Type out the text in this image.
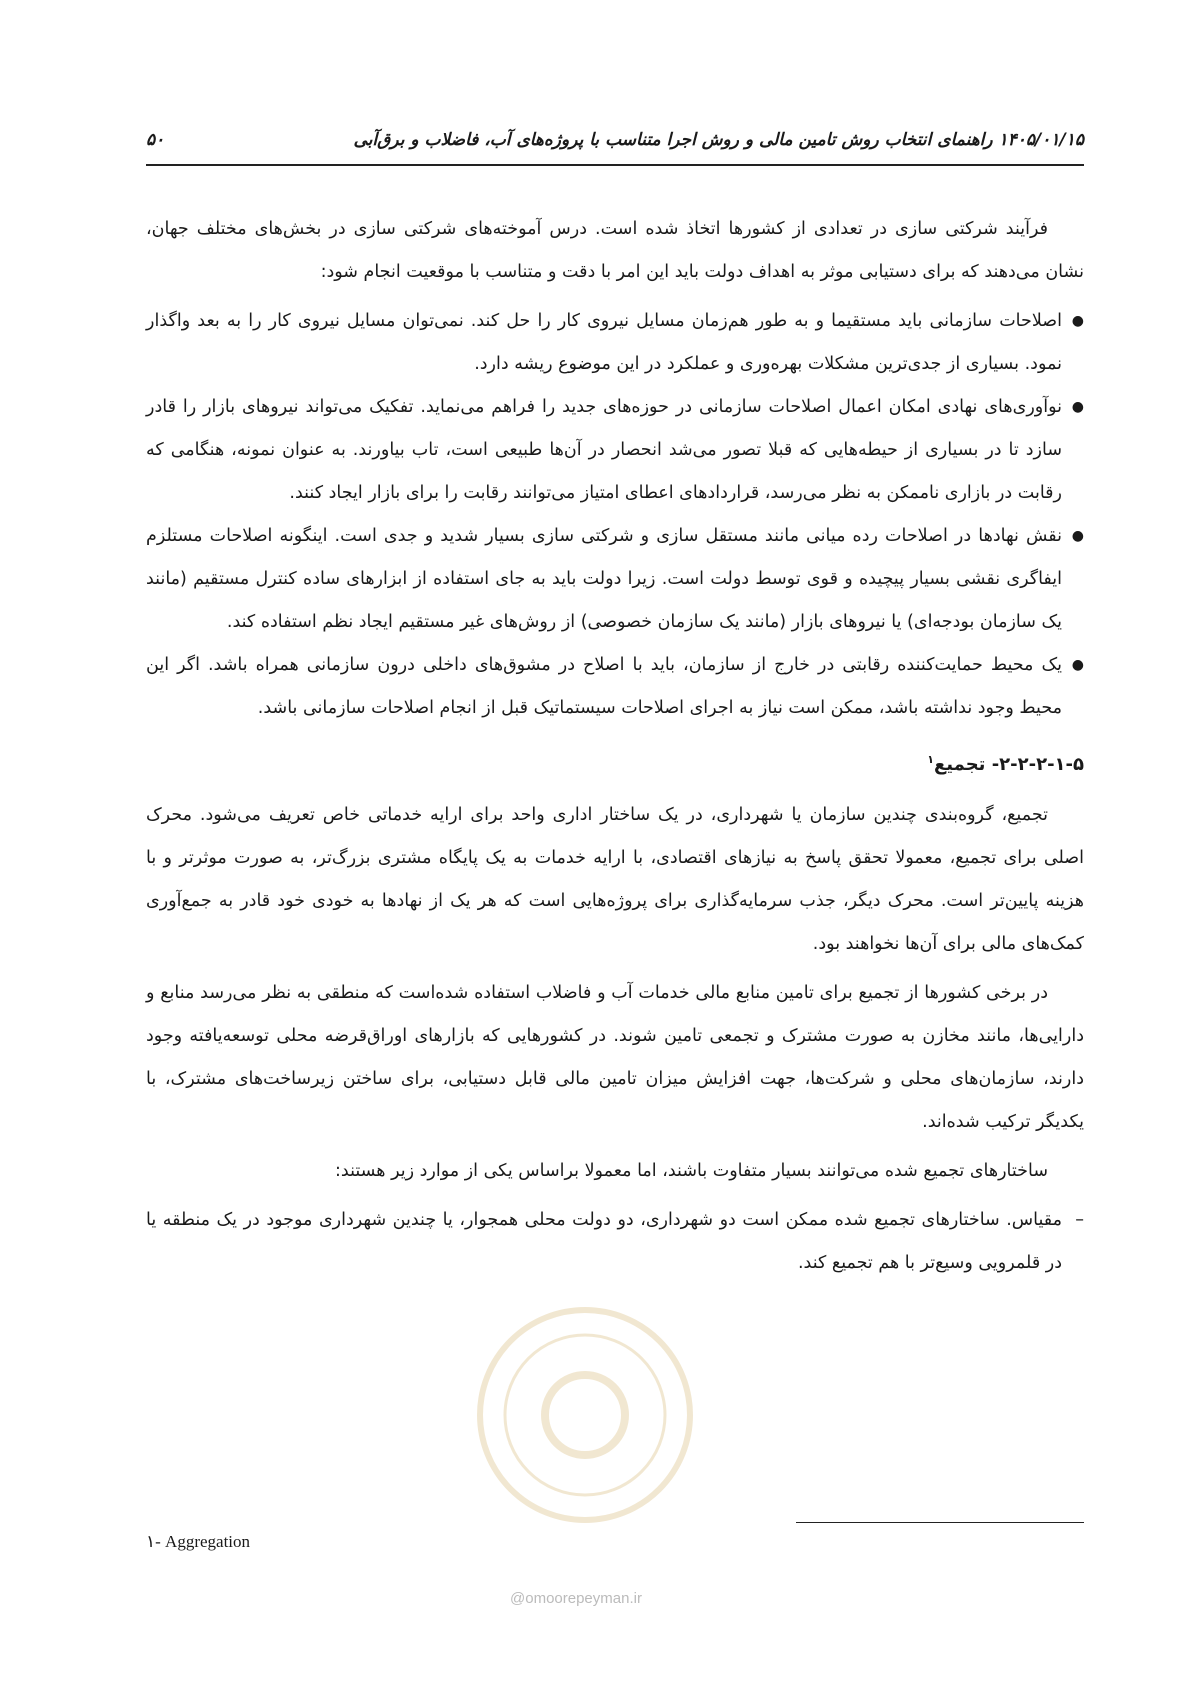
۱۴۰۵/۰۱/۱۵ راهنمای انتخاب روش تامین مالی و روش اجرا متناسب با پروژه‌های آب، فاضلاب و برق‌آبی
۵۰

فرآیند شرکتی سازی در تعدادی از کشورها اتخاذ شده است. درس آموخته‌های شرکتی سازی در بخش‌های مختلف جهان، نشان می‌دهند که برای دستیابی موثر به اهداف دولت باید این امر با دقت و متناسب با موقعیت انجام شود:

●
اصلاحات سازمانی باید مستقیما و به طور هم‌زمان مسایل نیروی کار را حل کند. نمی‌توان مسایل نیروی کار را به بعد واگذار نمود. بسیاری از جدی‌ترین مشکلات بهره‌وری و عملکرد در این موضوع ریشه دارد.
●
نوآوری‌های نهادی امکان اعمال اصلاحات سازمانی در حوزه‌های جدید را فراهم می‌نماید. تفکیک می‌تواند نیروهای بازار را قادر سازد تا در بسیاری از حیطه‌هایی که قبلا تصور می‌شد انحصار در آن‌ها طبیعی است، تاب بیاورند. به عنوان نمونه، هنگامی که رقابت در بازاری ناممکن به نظر می‌رسد، قراردادهای اعطای امتیاز می‌توانند رقابت را برای بازار ایجاد کنند.
●
نقش نهادها در اصلاحات رده میانی مانند مستقل سازی و شرکتی سازی بسیار شدید و جدی است. اینگونه اصلاحات مستلزم ایفاگری نقشی بسیار پیچیده و قوی توسط دولت است. زیرا دولت باید به جای استفاده از ابزارهای ساده کنترل مستقیم (مانند یک سازمان بودجه‌ای) یا نیروهای بازار (مانند یک سازمان خصوصی) از روش‌های غیر مستقیم ایجاد نظم استفاده کند.
●
یک محیط حمایت‌کننده رقابتی در خارج از سازمان، باید با اصلاح در مشوق‌های داخلی درون سازمانی همراه باشد. اگر این محیط وجود نداشته باشد، ممکن است نیاز به اجرای اصلاحات سیستماتیک قبل از انجام اصلاحات سازمانی باشد.
۲-۲-۲-۱-۵- تجمیع$^۱$

تجمیع، گروه‌بندی چندین سازمان یا شهرداری، در یک ساختار اداری واحد برای ارایه خدماتی خاص تعریف می‌شود. محرک اصلی برای تجمیع، معمولا تحقق پاسخ به نیازهای اقتصادی، با ارایه خدمات به یک پایگاه مشتری بزرگ‌تر، به صورت موثرتر و با هزینه پایین‌تر است. محرک دیگر، جذب سرمایه‌گذاری برای پروژه‌هایی است که هر یک از نهادها به خودی خود قادر به جمع‌آوری کمک‌های مالی برای آن‌ها نخواهند بود.

در برخی کشورها از تجمیع برای تامین منابع مالی خدمات آب و فاضلاب استفاده شده‌است که منطقی به نظر می‌رسد منابع و دارایی‌ها، مانند مخازن به صورت مشترک و تجمعی تامین شوند. در کشورهایی که بازارهای اوراق‌قرضه محلی توسعه‌یافته وجود دارند، سازمان‌های محلی و شرکت‌ها، جهت افزایش میزان تامین مالی قابل دستیابی، برای ساختن زیرساخت‌های مشترک، با یکدیگر ترکیب شده‌اند.

ساختارهای تجمیع شده می‌توانند بسیار متفاوت باشند، اما معمولا براساس یکی از موارد زیر هستند:

–
مقیاس. ساختارهای تجمیع شده ممکن است دو شهرداری، دو دولت محلی همجوار، یا چندین شهرداری موجود در یک منطقه یا در قلمرویی وسیع‌تر با هم تجمیع کند.
@omoorepeyman.ir
۱- Aggregation
